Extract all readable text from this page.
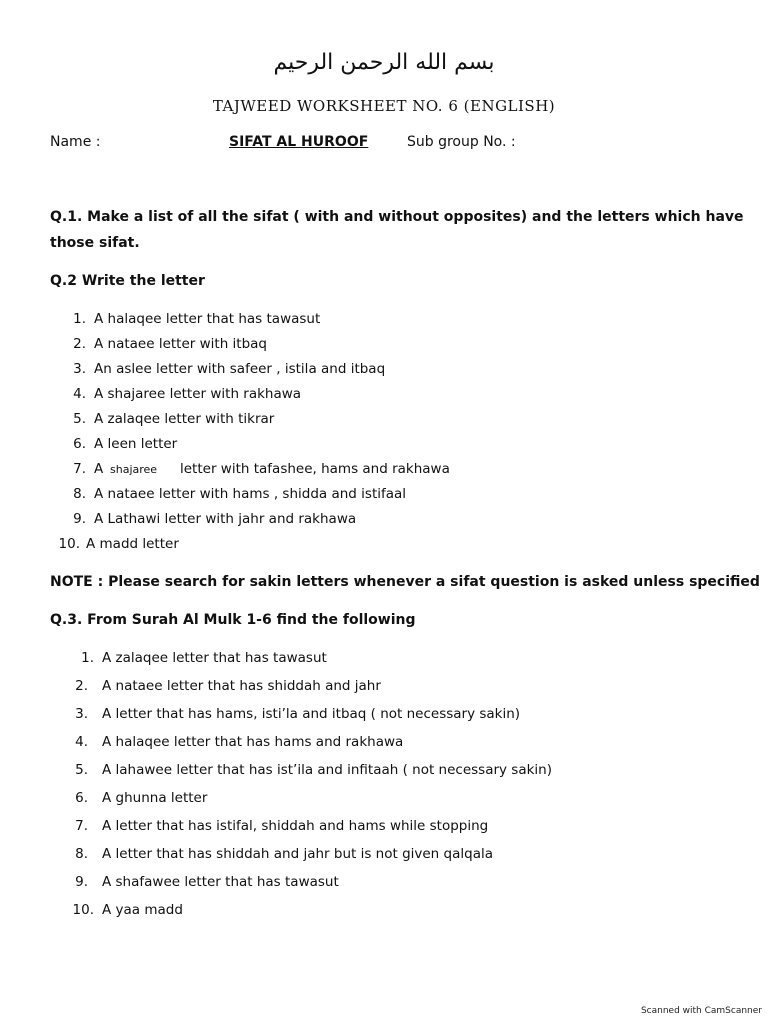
بسم الله الرحمن الرحيم
TAJWEED WORKSHEET NO. 6 (ENGLISH)
Name :	SIFAT AL HUROOF	Sub group No. :
Q.1. Make a list of all the sifat ( with and without opposites) and the letters which have
those sifat.
Q.2 Write the letter
1. A halaqee letter that has tawasut
2. A nataee letter with itbaq
3. An aslee letter with safeer , istila and itbaq
4. A shajaree letter with rakhawa
5. A zalaqee letter with tikrar
6. A leen letter
7. A shajaree letter with tafashee, hams and rakhawa
8. A nataee letter with hams , shidda and istifaal
9. A Lathawi letter with jahr and rakhawa
10. A madd letter
NOTE : Please search for sakin letters whenever a sifat question is asked unless specified
Q.3. From Surah Al Mulk 1-6 find the following
1. A zalaqee letter that has tawasut
2. A nataee letter that has shiddah and jahr
3. A letter that has hams, isti’la and itbaq ( not necessary sakin)
4. A halaqee letter that has hams and rakhawa
5. A lahawee letter that has ist’ila and infitaah ( not necessary sakin)
6. A ghunna letter
7. A letter that has istifal, shiddah and hams while stopping
8. A letter that has shiddah and jahr but is not given qalqala
9. A shafawee letter that has tawasut
10. A yaa madd
Scanned with CamScanner
